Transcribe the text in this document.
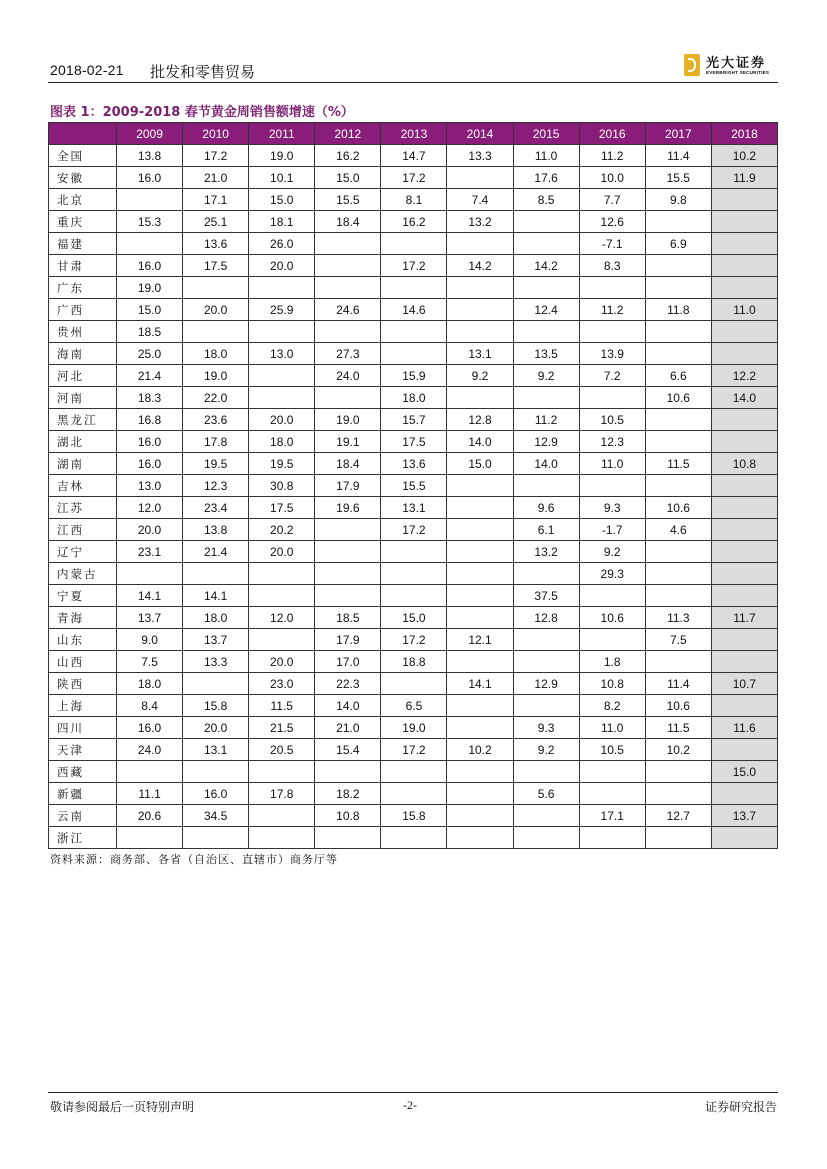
2018-02-21 批发和零售贸易	光大证券
EVERBRIGHT SECURITIES
图表 1：2009-2018 春节黄金周销售额增速（%）
	2009	2010	2011	2012	2013	2014	2015	2016	2017	2018
全国	13.8	17.2	19.0	16.2	14.7	13.3	11.0	11.2	11.4	10.2
安徽	16.0	21.0	10.1	15.0	17.2		17.6	10.0	15.5	11.9
北京		17.1	15.0	15.5	8.1	7.4	8.5	7.7	9.8	
重庆	15.3	25.1	18.1	18.4	16.2	13.2		12.6		
福建		13.6	26.0					-7.1	6.9	
甘肃	16.0	17.5	20.0		17.2	14.2	14.2	8.3		
广东	19.0									
广西	15.0	20.0	25.9	24.6	14.6		12.4	11.2	11.8	11.0
贵州	18.5									
海南	25.0	18.0	13.0	27.3		13.1	13.5	13.9		
河北	21.4	19.0		24.0	15.9	9.2	9.2	7.2	6.6	12.2
河南	18.3	22.0			18.0				10.6	14.0
黑龙江	16.8	23.6	20.0	19.0	15.7	12.8	11.2	10.5		
湖北	16.0	17.8	18.0	19.1	17.5	14.0	12.9	12.3		
湖南	16.0	19.5	19.5	18.4	13.6	15.0	14.0	11.0	11.5	10.8
吉林	13.0	12.3	30.8	17.9	15.5					
江苏	12.0	23.4	17.5	19.6	13.1		9.6	9.3	10.6	
江西	20.0	13.8	20.2		17.2		6.1	-1.7	4.6	
辽宁	23.1	21.4	20.0				13.2	9.2		
内蒙古								29.3		
宁夏	14.1	14.1					37.5			
青海	13.7	18.0	12.0	18.5	15.0		12.8	10.6	11.3	11.7
山东	9.0	13.7		17.9	17.2	12.1			7.5	
山西	7.5	13.3	20.0	17.0	18.8			1.8		
陕西	18.0		23.0	22.3		14.1	12.9	10.8	11.4	10.7
上海	8.4	15.8	11.5	14.0	6.5			8.2	10.6	
四川	16.0	20.0	21.5	21.0	19.0		9.3	11.0	11.5	11.6
天津	24.0	13.1	20.5	15.4	17.2	10.2	9.2	10.5	10.2	
西藏										15.0
新疆	11.1	16.0	17.8	18.2			5.6			
云南	20.6	34.5		10.8	15.8			17.1	12.7	13.7
浙江										
资料来源：商务部、各省（自治区、直辖市）商务厅等
敬请参阅最后一页特别声明	-2-	证券研究报告
